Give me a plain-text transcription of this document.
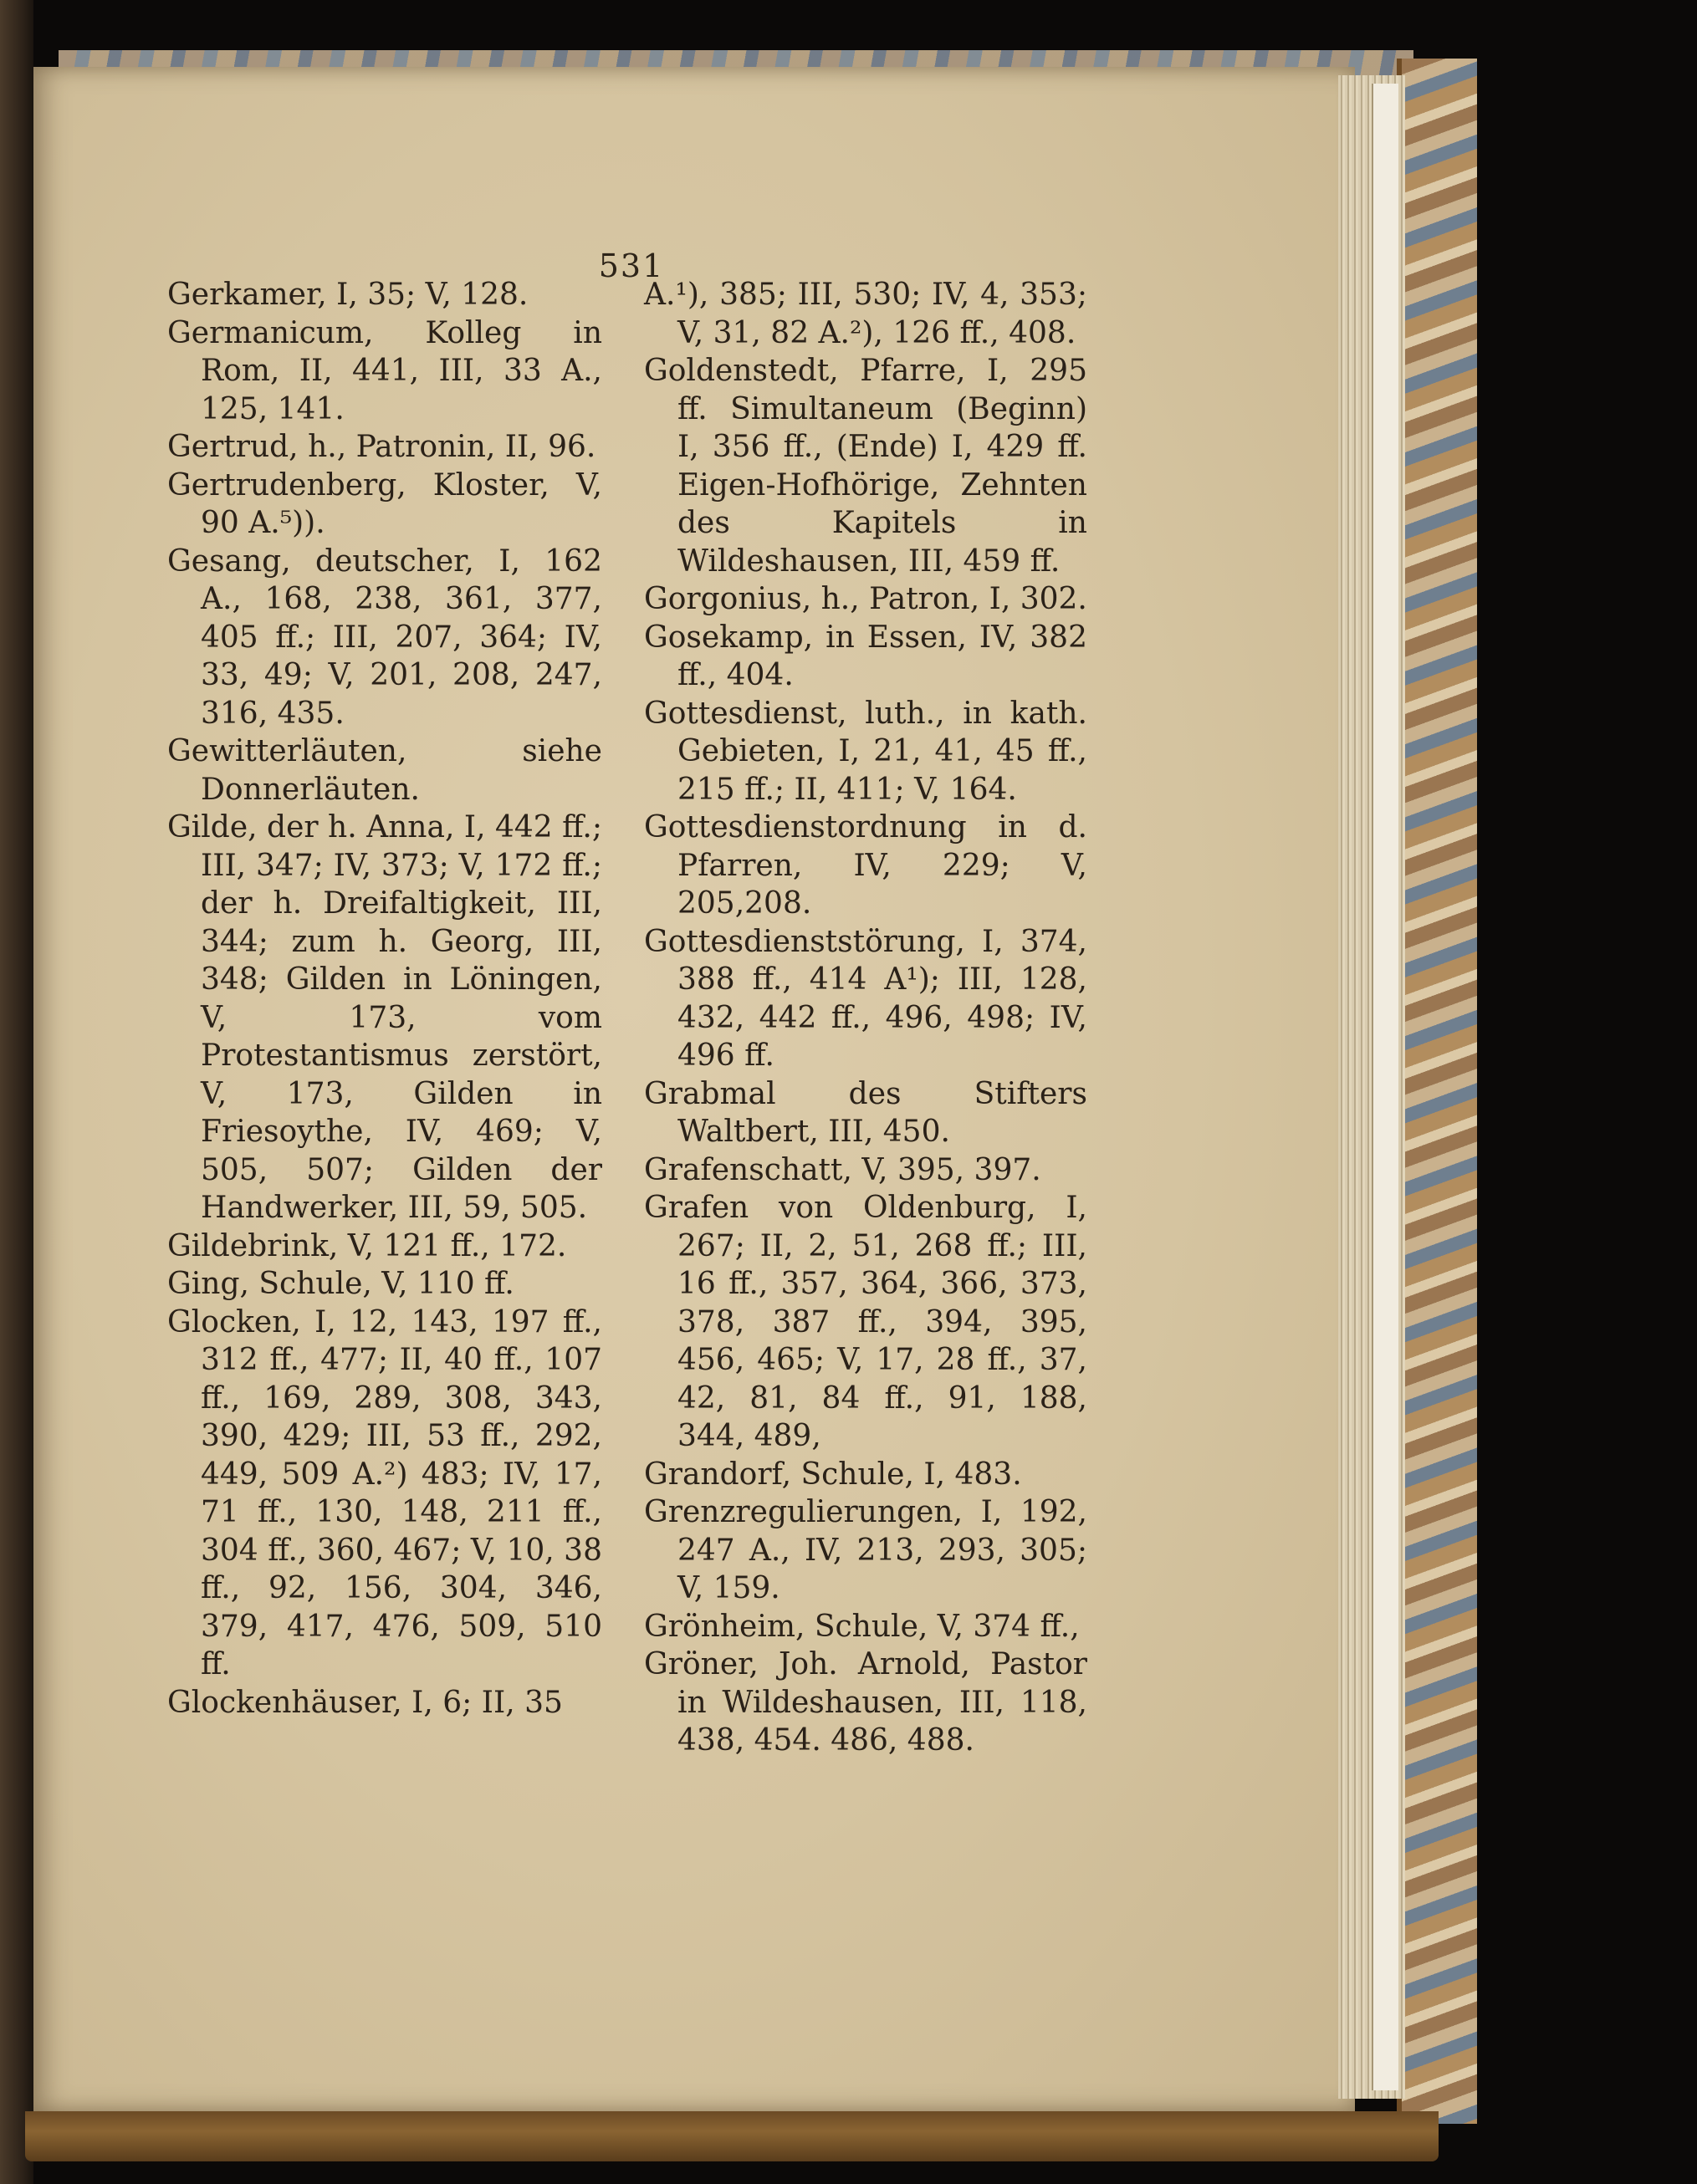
531
Gerkamer, I, 35; V, 128.
Germanicum, Kolleg in Rom, II, 441, III, 33 A., 125, 141.
Gertrud, h., Patronin, II, 96.
Gertrudenberg, Kloster, V, 90 A.⁵)).
Gesang, deutscher, I, 162 A., 168, 238, 361, 377, 405 ff.; III, 207, 364; IV, 33, 49; V, 201, 208, 247, 316, 435.
Gewitterläuten, siehe Donnerläuten.
Gilde, der h. Anna, I, 442 ff.; III, 347; IV, 373; V, 172 ff.; der h. Dreifaltigkeit, III, 344; zum h. Georg, III, 348; Gilden in Löningen, V, 173, vom Protestantismus zerstört, V, 173, Gilden in Friesoythe, IV, 469; V, 505, 507; Gilden der Handwerker, III, 59, 505.
Gildebrink, V, 121 ff., 172.
Ging, Schule, V, 110 ff.
Glocken, I, 12, 143, 197 ff., 312 ff., 477; II, 40 ff., 107 ff., 169, 289, 308, 343, 390, 429; III, 53 ff., 292, 449, 509 A.²) 483; IV, 17, 71 ff., 130, 148, 211 ff., 304 ff., 360, 467; V, 10, 38 ff., 92, 156, 304, 346, 379, 417, 476, 509, 510 ff.
Glockenhäuser, I, 6; II, 35
A.¹), 385; III, 530; IV, 4, 353; V, 31, 82 A.²), 126 ff., 408.
Goldenstedt, Pfarre, I, 295 ff. Simultaneum (Beginn) I, 356 ff., (Ende) I, 429 ff. Eigen-Hofhörige, Zehnten des Kapitels in Wildeshausen, III, 459 ff.
Gorgonius, h., Patron, I, 302.
Gosekamp, in Essen, IV, 382 ff., 404.
Gottesdienst, luth., in kath. Gebieten, I, 21, 41, 45 ff., 215 ff.; II, 411; V, 164.
Gottesdienstordnung in d. Pfarren, IV, 229; V, 205,208.
Gottesdienststörung, I, 374, 388 ff., 414 A¹); III, 128, 432, 442 ff., 496, 498; IV, 496 ff.
Grabmal des Stifters Waltbert, III, 450.
Grafenschatt, V, 395, 397.
Grafen von Oldenburg, I, 267; II, 2, 51, 268 ff.; III, 16 ff., 357, 364, 366, 373, 378, 387 ff., 394, 395, 456, 465; V, 17, 28 ff., 37, 42, 81, 84 ff., 91, 188, 344, 489,
Grandorf, Schule, I, 483.
Grenzregulierungen, I, 192, 247 A., IV, 213, 293, 305; V, 159.
Grönheim, Schule, V, 374 ff.,
Gröner, Joh. Arnold, Pastor in Wildeshausen, III, 118, 438, 454. 486, 488.
